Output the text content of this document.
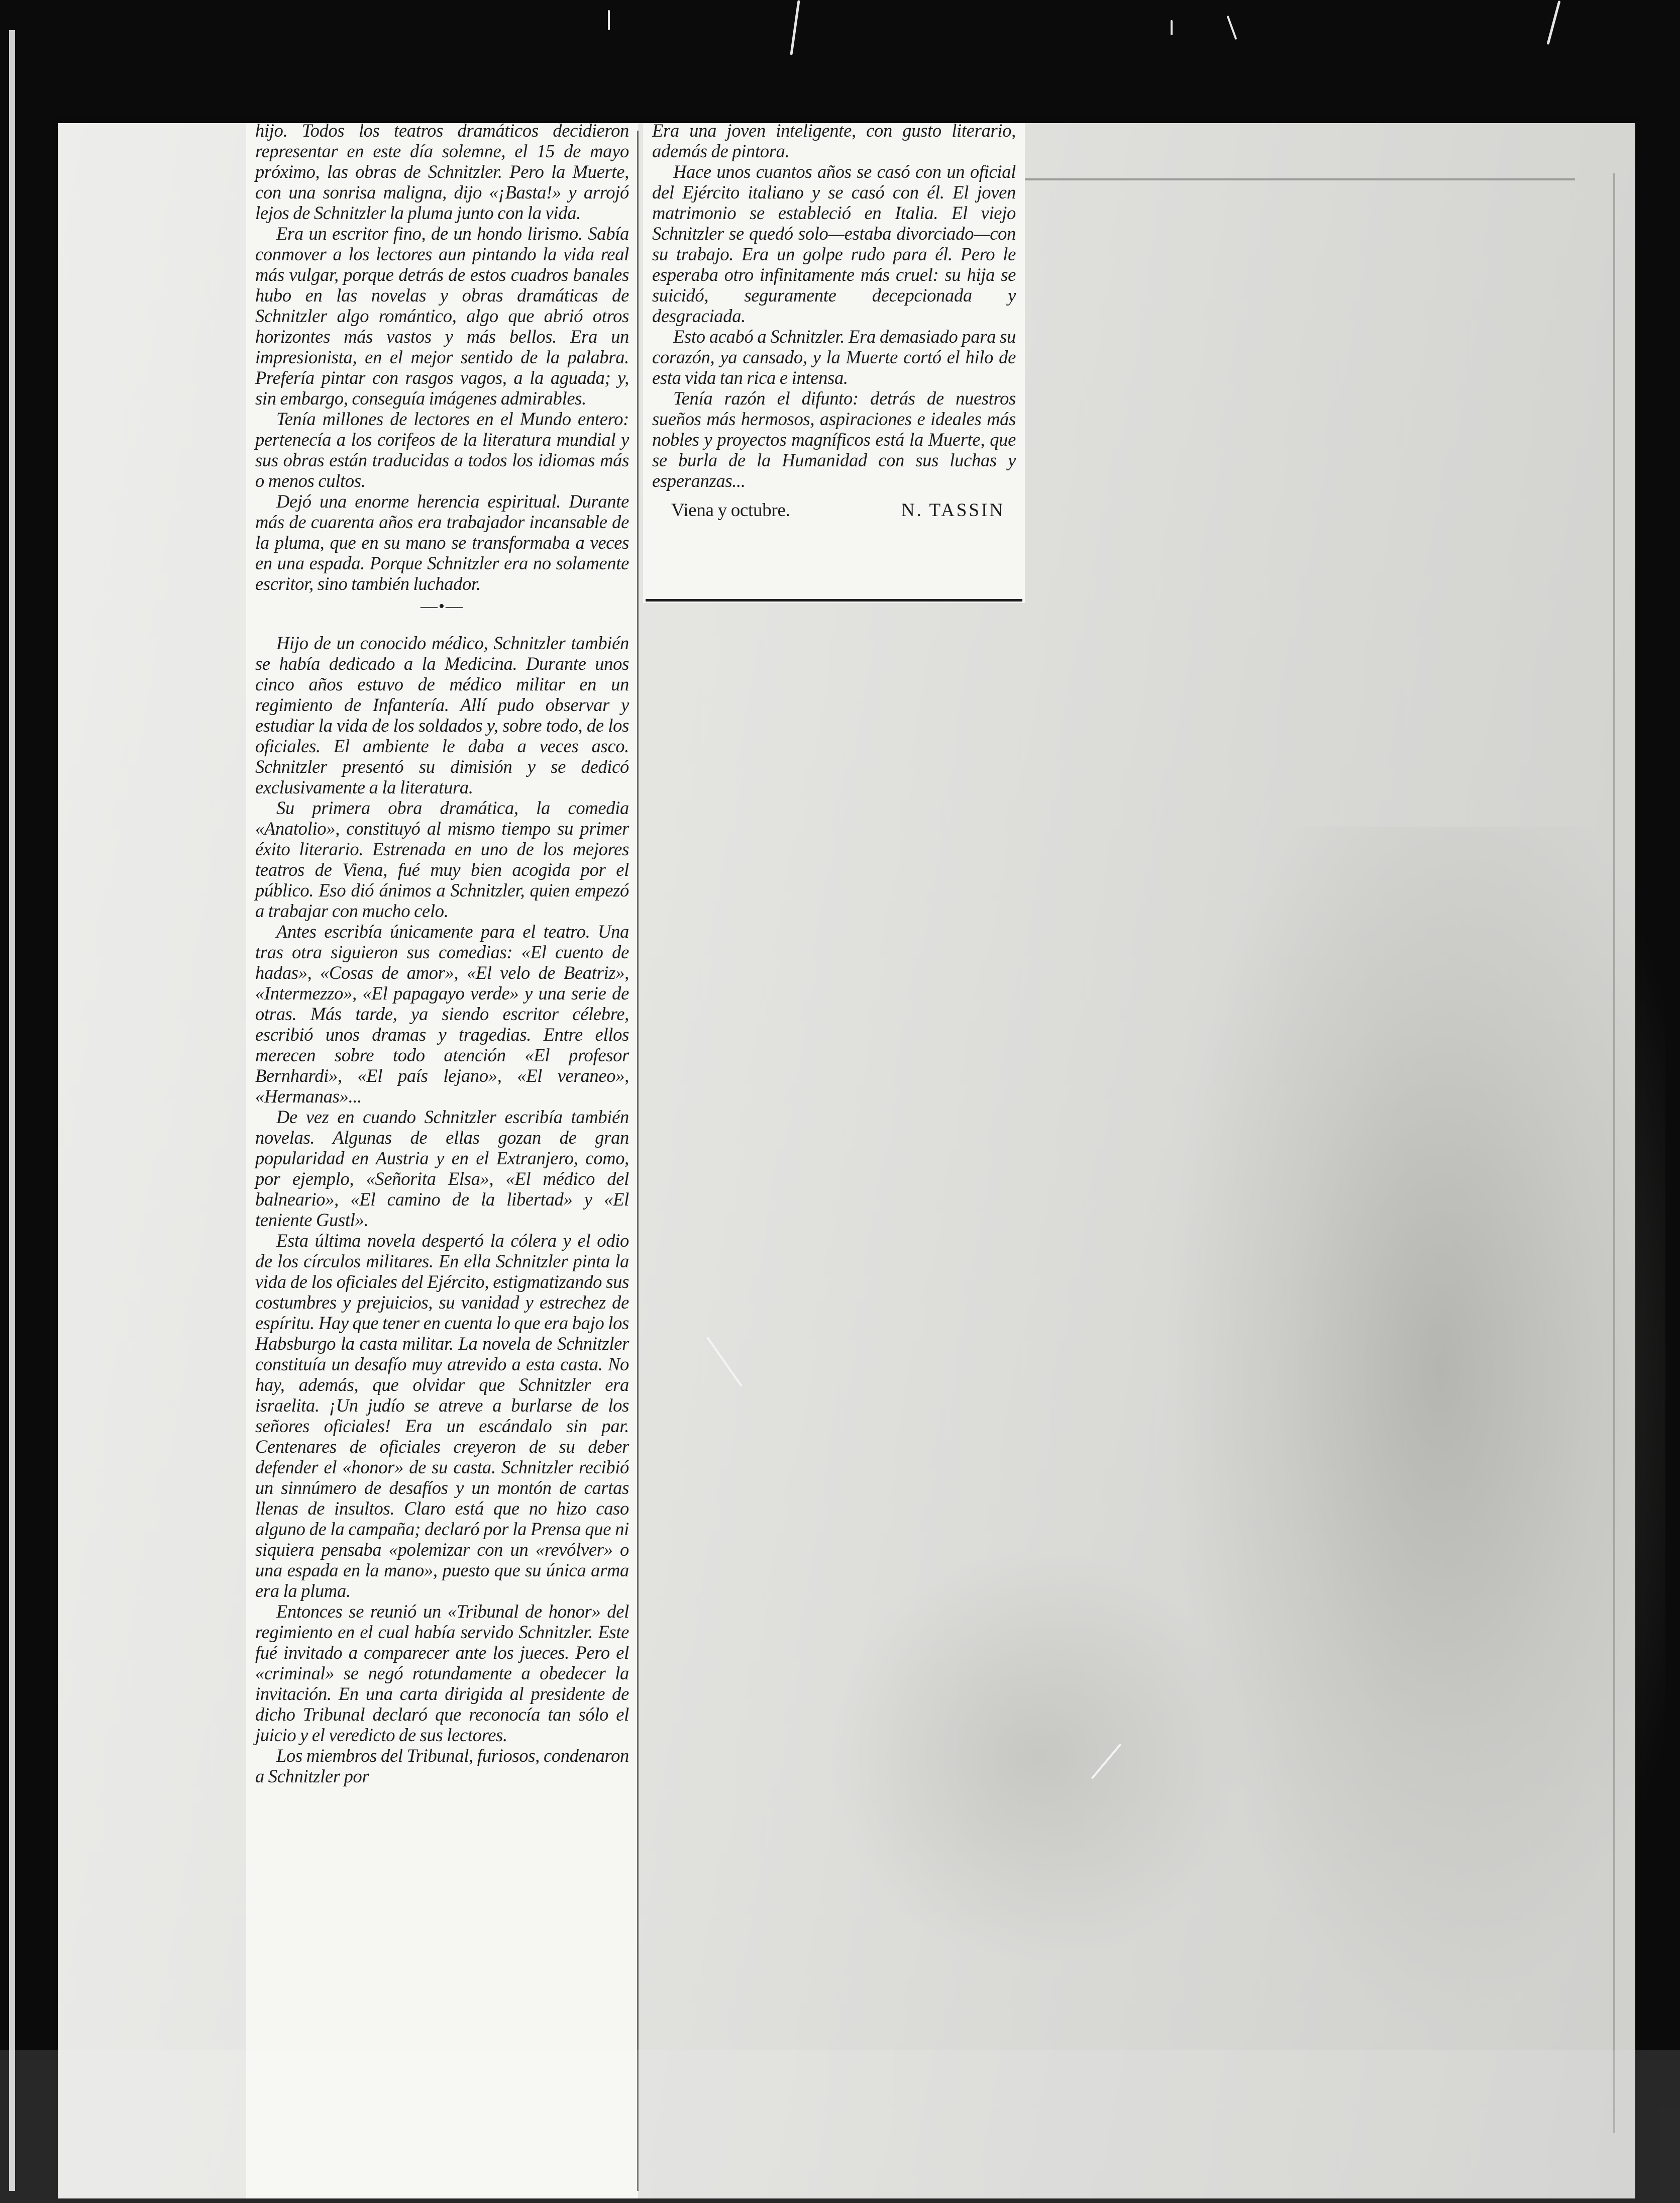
hijo. Todos los teatros dramáticos decidieron representar en este día solemne, el 15 de mayo próximo, las obras de Schnitzler. Pero la Muerte, con una sonrisa maligna, dijo «¡Basta!» y arrojó lejos de Schnitzler la pluma junto con la vida.

Era un escritor fino, de un hondo lirismo. Sabía conmover a los lectores aun pintando la vida real más vulgar, porque detrás de estos cuadros banales hubo en las novelas y obras dramáticas de Schnitzler algo romántico, algo que abrió otros horizontes más vastos y más bellos. Era un impresionista, en el mejor sentido de la palabra. Prefería pintar con rasgos vagos, a la aguada; y, sin embargo, conseguía imágenes admirables.

Tenía millones de lectores en el Mundo entero: pertenecía a los corifeos de la literatura mundial y sus obras están traducidas a todos los idiomas más o menos cultos.

Dejó una enorme herencia espiritual. Durante más de cuarenta años era trabajador incansable de la pluma, que en su mano se transformaba a veces en una espada. Porque Schnitzler era no solamente escritor, sino también luchador.

—•—

Hijo de un conocido médico, Schnitzler también se había dedicado a la Medicina. Durante unos cinco años estuvo de médico militar en un regimiento de Infantería. Allí pudo observar y estudiar la vida de los soldados y, sobre todo, de los oficiales. El ambiente le daba a veces asco. Schnitzler presentó su dimisión y se dedicó exclusivamente a la literatura.

Su primera obra dramática, la comedia «Anatolio», constituyó al mismo tiempo su primer éxito literario. Estrenada en uno de los mejores teatros de Viena, fué muy bien acogida por el público. Eso dió ánimos a Schnitzler, quien empezó a trabajar con mucho celo.

Antes escribía únicamente para el teatro. Una tras otra siguieron sus comedias: «El cuento de hadas», «Cosas de amor», «El velo de Beatriz», «Intermezzo», «El papagayo verde» y una serie de otras. Más tarde, ya siendo escritor célebre, escribió unos dramas y tragedias. Entre ellos merecen sobre todo atención «El profesor Bernhardi», «El país lejano», «El veraneo», «Hermanas»...

De vez en cuando Schnitzler escribía también novelas. Algunas de ellas gozan de gran popularidad en Austria y en el Extranjero, como, por ejemplo, «Señorita Elsa», «El médico del balneario», «El camino de la libertad» y «El teniente Gustl».

Esta última novela despertó la cólera y el odio de los círculos militares. En ella Schnitzler pinta la vida de los oficiales del Ejército, estigmatizando sus costumbres y prejuicios, su vanidad y estrechez de espíritu. Hay que tener en cuenta lo que era bajo los Habsburgo la casta militar. La novela de Schnitzler constituía un desafío muy atrevido a esta casta. No hay, además, que olvidar que Schnitzler era israelita. ¡Un judío se atreve a burlarse de los señores oficiales! Era un escándalo sin par. Centenares de oficiales creyeron de su deber defender el «honor» de su casta. Schnitzler recibió un sinnúmero de desafíos y un montón de cartas llenas de insultos. Claro está que no hizo caso alguno de la campaña; declaró por la Prensa que ni siquiera pensaba «polemizar con un «revólver» o una espada en la mano», puesto que su única arma era la pluma.

Entonces se reunió un «Tribunal de honor» del regimiento en el cual había servido Schnitzler. Este fué invitado a comparecer ante los jueces. Pero el «criminal» se negó rotundamente a obedecer la invitación. En una carta dirigida al presidente de dicho Tribunal declaró que reconocía tan sólo el juicio y el veredicto de sus lectores.

Los miembros del Tribunal, furiosos, condenaron a Schnitzler por

Era una joven inteligente, con gusto literario, además de pintora.

Hace unos cuantos años se casó con un oficial del Ejército italiano y se casó con él. El joven matrimonio se estableció en Italia. El viejo Schnitzler se quedó solo—estaba divorciado—con su trabajo. Era un golpe rudo para él. Pero le esperaba otro infinitamente más cruel: su hija se suicidó, seguramente decepcionada y desgraciada.

Esto acabó a Schnitzler. Era demasiado para su corazón, ya cansado, y la Muerte cortó el hilo de esta vida tan rica e intensa.

Tenía razón el difunto: detrás de nuestros sueños más hermosos, aspiraciones e ideales más nobles y proyectos magníficos está la Muerte, que se burla de la Humanidad con sus luchas y esperanzas...

Viena y octubre.	N. TASSIN
